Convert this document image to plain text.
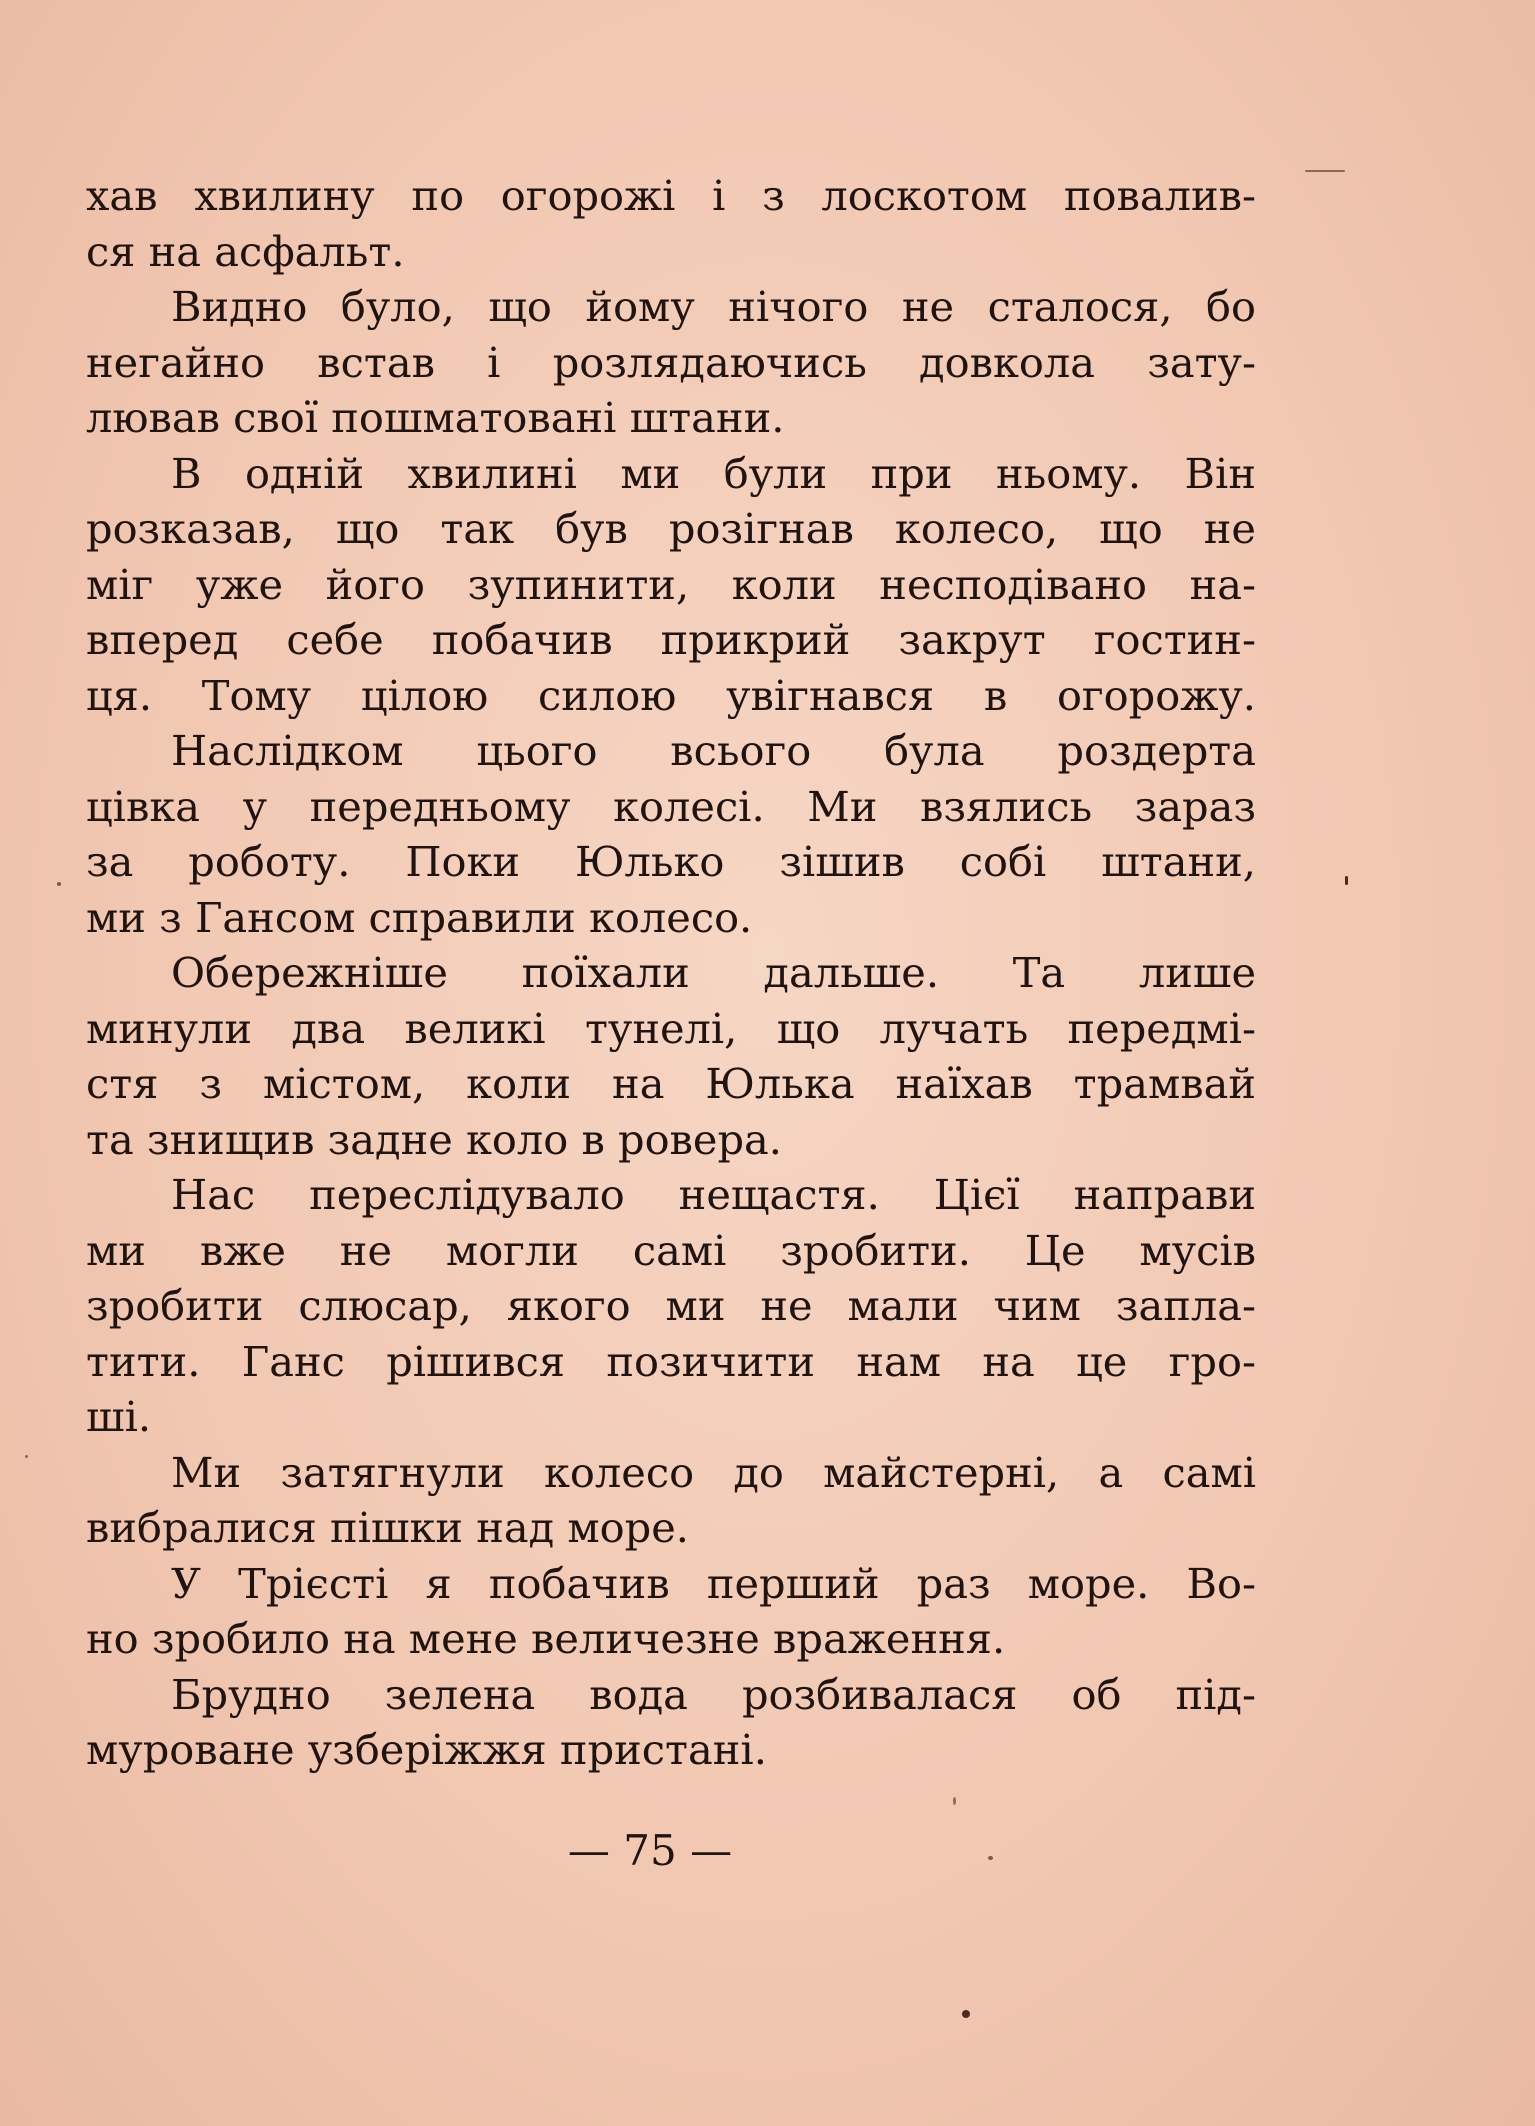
хав хвилину по огорожі і з лоскотом повалив-
ся на асфальт.
Видно було, що йому нічого не сталося, бо
негайно встав і розлядаючись довкола зату-
лював свої пошматовані штани.
В одній хвилині ми були при ньому. Він
розказав, що так був розігнав колесо, що не
міг уже його зупинити, коли несподівано на-
вперед себе побачив прикрий закрут гостин-
ця. Тому цілою силою увігнався в огорожу.
Наслідком цього всього була роздерта
цівка у передньому колесі. Ми взялись зараз
за роботу. Поки Юлько зішив собі штани,
ми з Гансом справили колесо.
Обережніше поїхали дальше. Та лише
минули два великі тунелі, що лучать передмі-
стя з містом, коли на Юлька наїхав трамвай
та знищив задне коло в ровера.
Нас переслідувало нещастя. Цієї направи
ми вже не могли самі зробити. Це мусів
зробити слюсар, якого ми не мали чим запла-
тити. Ганс рішився позичити нам на це гро-
ші.
Ми затягнули колесо до майстерні, а самі
вибралися пішки над море.
У Трієсті я побачив перший раз море. Во-
но зробило на мене величезне враження.
Брудно зелена вода розбивалася об під-
муроване узберіжжя пристані.
— 75 —
